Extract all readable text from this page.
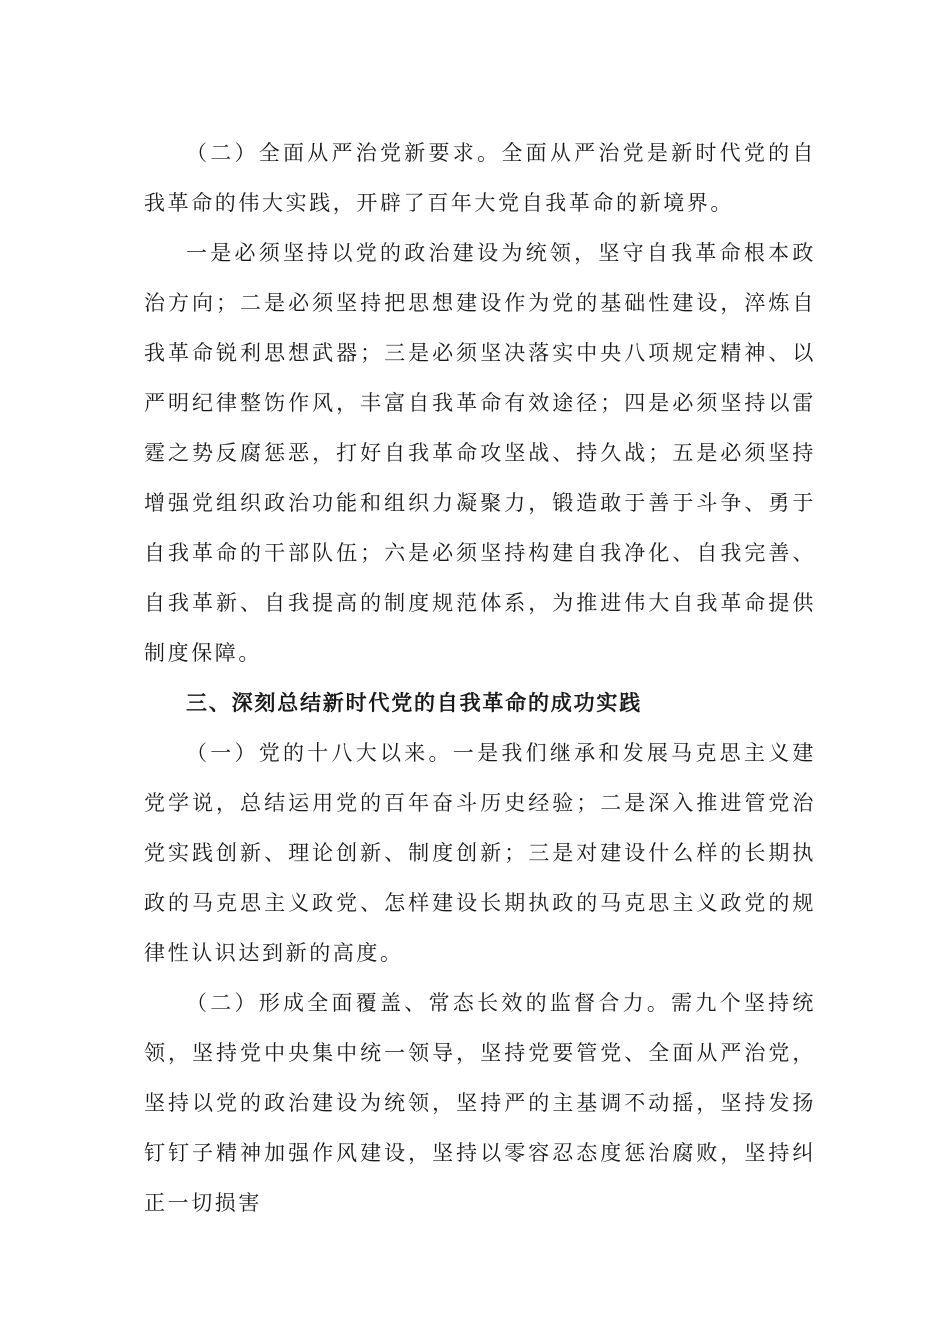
（二）全面从严治党新要求。全面从严治党是新时代党的自我革命的伟大实践，开辟了百年大党自我革命的新境界。

一是必须坚持以党的政治建设为统领，坚守自我革命根本政治方向；二是必须坚持把思想建设作为党的基础性建设，淬炼自我革命锐利思想武器；三是必须坚决落实中央八项规定精神、以严明纪律整饬作风，丰富自我革命有效途径；四是必须坚持以雷霆之势反腐惩恶，打好自我革命攻坚战、持久战；五是必须坚持增强党组织政治功能和组织力凝聚力，锻造敢于善于斗争、勇于自我革命的干部队伍；六是必须坚持构建自我净化、自我完善、自我革新、自我提高的制度规范体系，为推进伟大自我革命提供制度保障。

三、深刻总结新时代党的自我革命的成功实践

（一）党的十八大以来。一是我们继承和发展马克思主义建党学说，总结运用党的百年奋斗历史经验；二是深入推进管党治党实践创新、理论创新、制度创新；三是对建设什么样的长期执政的马克思主义政党、怎样建设长期执政的马克思主义政党的规律性认识达到新的高度。

（二）形成全面覆盖、常态长效的监督合力。需九个坚持统领，坚持党中央集中统一领导，坚持党要管党、全面从严治党，坚持以党的政治建设为统领，坚持严的主基调不动摇，坚持发扬钉钉子精神加强作风建设，坚持以零容忍态度惩治腐败，坚持纠正一切损害
